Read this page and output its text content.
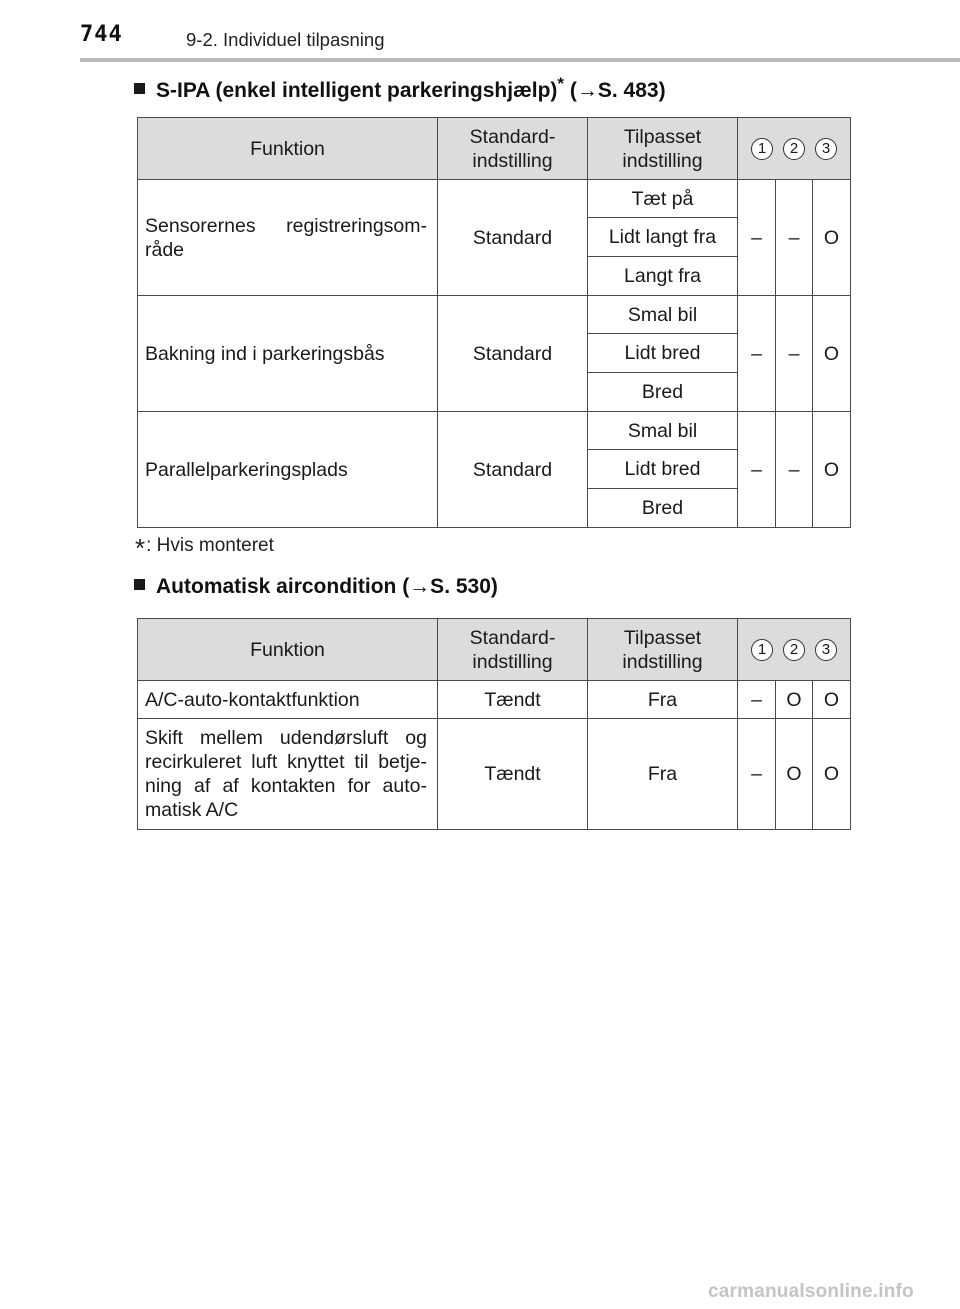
744	9-2. Individuel tilpasning
S-IPA (enkel intelligent parkeringshjælp)* (→S. 483)
Funktion	Standard- indstilling	Tilpasset indstilling	1 2 3		
Sensorernes registreringsom- råde	Standard	Tæt på	–	–	O
		Lidt langt fra			
		Langt fra			
Bakning ind i parkeringsbås	Standard	Smal bil	–	–	O
		Lidt bred			
		Bred			
Parallelparkeringsplads	Standard	Smal bil	–	–	O
		Lidt bred			
		Bred			
*: Hvis monteret
Automatisk aircondition (→S. 530)
Funktion	Standard- indstilling	Tilpasset indstilling	1 2 3		
A/C-auto-kontaktfunktion	Tændt	Fra	–	O	O
Skift mellem udendørsluft og recirkuleret luft knyttet til betje- ning af af kontakten for auto- matisk A/C	Tændt	Fra	–	O	O
carmanualsonline.info
